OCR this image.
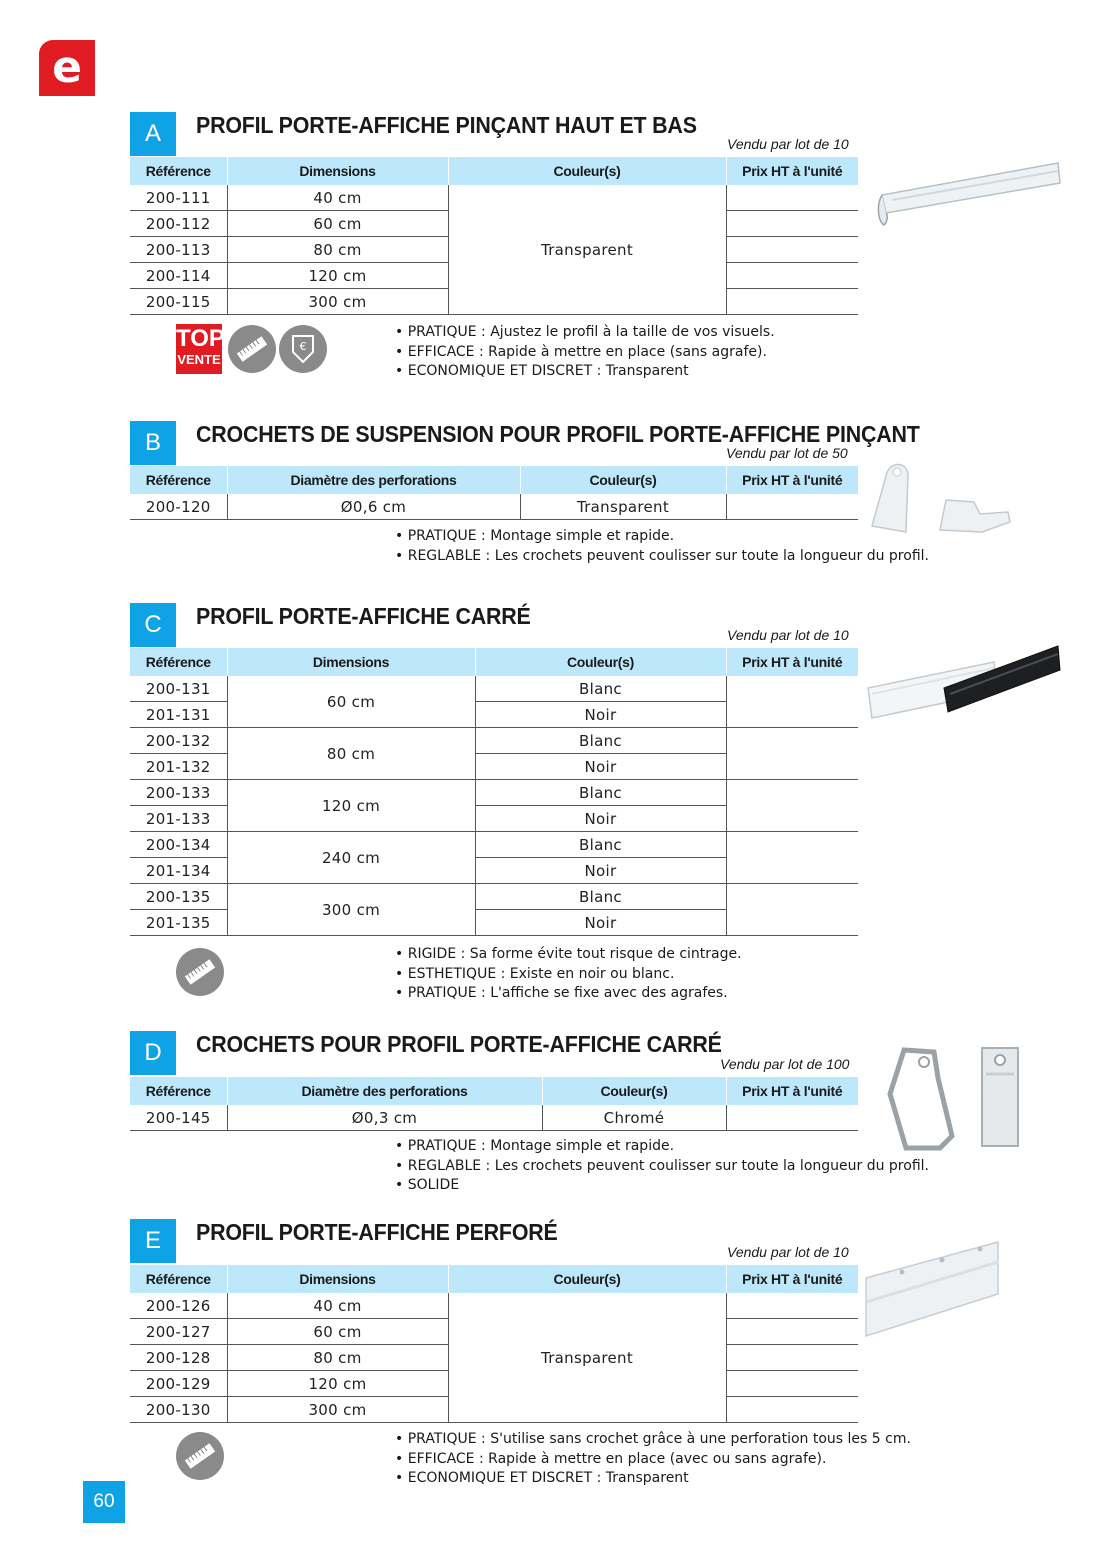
e
A	PROFIL PORTE-AFFICHE PINÇANT HAUT ET BAS
Vendu par lot de 10
Référence	Dimensions	Couleur(s)	Prix HT à l'unité
200-111	40 cm	Transparent	
200-112	60 cm		
200-113	80 cm		
200-114	120 cm		
200-115	300 cm		
TOP
VENTE
€
• PRATIQUE : Ajustez le profil à la taille de vos visuels.
• EFFICACE : Rapide à mettre en place (sans agrafe).
• ECONOMIQUE ET DISCRET : Transparent
B	CROCHETS DE SUSPENSION POUR PROFIL PORTE-AFFICHE PINÇANT
Vendu par lot de 50
Référence	Diamètre des perforations	Couleur(s)	Prix HT à l'unité
200-120	Ø0,6 cm	Transparent	
• PRATIQUE : Montage simple et rapide.
• REGLABLE : Les crochets peuvent coulisser sur toute la longueur du profil.
C	PROFIL PORTE-AFFICHE CARRÉ
Vendu par lot de 10
Référence	Dimensions	Couleur(s)	Prix HT à l'unité
200-131	60 cm	Blanc	
201-131		Noir	
200-132	80 cm	Blanc	
201-132		Noir	
200-133	120 cm	Blanc	
201-133		Noir	
200-134	240 cm	Blanc	
201-134		Noir	
200-135	300 cm	Blanc	
201-135		Noir	
• RIGIDE : Sa forme évite tout risque de cintrage.
• ESTHETIQUE : Existe en noir ou blanc.
• PRATIQUE : L'affiche se fixe avec des agrafes.
D	CROCHETS POUR PROFIL PORTE-AFFICHE CARRÉ
Vendu par lot de 100
Référence	Diamètre des perforations	Couleur(s)	Prix HT à l'unité
200-145	Ø0,3 cm	Chromé	
• PRATIQUE : Montage simple et rapide.
• REGLABLE : Les crochets peuvent coulisser sur toute la longueur du profil.
• SOLIDE
E	PROFIL PORTE-AFFICHE PERFORÉ
Vendu par lot de 10
Référence	Dimensions	Couleur(s)	Prix HT à l'unité
200-126	40 cm	Transparent	
200-127	60 cm		
200-128	80 cm		
200-129	120 cm		
200-130	300 cm		
• PRATIQUE : S'utilise sans crochet grâce à une perforation tous les 5 cm.
• EFFICACE : Rapide à mettre en place (avec ou sans agrafe).
• ECONOMIQUE ET DISCRET : Transparent
60
